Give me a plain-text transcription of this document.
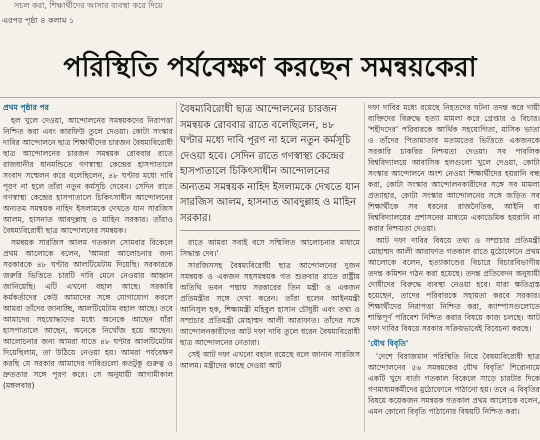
সচল করা, শিক্ষার্থীদের আসার ব্যবস্থা করে দিয়ে
এরপর পৃষ্ঠা ৪ কলাম ১
পরিস্থিতি পর্যবেক্ষণ করছেন সমন্বয়কেরা
প্রথম পৃষ্ঠার পর

হল খুলে দেওয়া, আন্দোলনের সমন্বয়কদের নিরাপত্তা নিশ্চিত করা এবং কারফিউ তুলে দেওয়া। কোটা সংস্কার দাবির আন্দোলনে ছাত্র শিক্ষার্থীদের চারজন বৈষম্যবিরোধী ছাত্র আন্দোলনের চারজন সমন্বয়ক রোববার রাতে রাজধানীর ধানমন্ডিতে গণস্বাস্থ্য কেন্দ্রের হাসপাতালে সংবাদ সম্মেলন করে বলেছিলেন, ৪৮ ঘণ্টার মধ্যে দাবি পূরণ না হলে তাঁরা নতুন কর্মসূচি দেবেন। সেদিন রাতে গণস্বাস্থ্য কেন্দ্রের হাসপাতালে চিকিৎসাধীন আন্দোলনের অন্যতম সমন্বয়ক নাহিদ ইসলামকে দেখতে যান সারজিস আলম, হাসনাত আবদুল্লাহ ও মাহিন সরকার। তাঁরাও বৈষম্যবিরোধী ছাত্র আন্দোলনের সমন্বয়ক।

সমন্বয়ক সারজিস আলম গতকাল সোমবার বিকেলে প্রথম আলোকে বলেন, 'আমরা আলোচনার জন্য সরকারকে ৪৮ ঘণ্টার আলটিমেটাম দিয়েছি। সরকারকে জরুরি ভিত্তিতে চারটি দাবি মেনে নেওয়ার আহ্বান জানিয়েছি। এটি এখনো বহাল আছে। সরকারি কর্মকর্তাদের কেউ আমাদের সঙ্গে যোগাযোগ করলে আমরা তাঁদের জানাচ্ছি, আলটিমেটাম বহাল আছে। তবে আমাদের সহযোদ্ধাদের মধ্যে অনেকে আছেন যাঁরা হাসপাতালে আছেন, অনেকে নিখোঁজ হয়ে আছেন। আলোচনার জন্য আমরা যাতে ৪৮ ঘণ্টার আলটিমেটাম দিয়েছিলাম, তা উঠিয়ে নেওয়া হয়। আমরা পর্যবেক্ষণ করছি যে সরকার আমাদের দাবিগুলো কতটুকু গুরুত্ব ও দ্রুততার সঙ্গে পূরণ করে। সে অনুযায়ী আগামীকাল (মঙ্গলবার)

বৈষম্যবিরোধী ছাত্র আন্দোলনের চারজন সমন্বয়ক রোববার রাতে বলেছিলেন, ৪৮ ঘণ্টার মধ্যে দাবি পূরণ না হলে নতুন কর্মসূচি দেওয়া হবে। সেদিন রাতে গণস্বাস্থ্য কেন্দ্রের হাসপাতালে চিকিৎসাধীন আন্দোলনের অন্যতম সমন্বয়ক নাহিদ ইসলামকে দেখতে যান সারজিস আলম, হাসনাত আবদুল্লাহ ও মাহিন সরকার।

রাতে আমরা সবাই বসে সম্মিলিত আলোচনার মাধ্যমে সিদ্ধান্ত দেব।'

সারজিসসহ বৈষম্যবিরোধী ছাত্র আন্দোলনের দুজন সমন্বয়ক ও একজন সহসমন্বয়ক গত শুক্রবার রাতে রাষ্ট্রীয় অতিথি ভবন পদ্মায় সরকারের তিন মন্ত্রী ও একজন প্রতিমন্ত্রীর সঙ্গে দেখা করেন। তাঁরা হলেন আইনমন্ত্রী আনিসুল হক, শিক্ষামন্ত্রী মহিবুল হাসান চৌধুরী এবং তথ্য ও সম্প্রচার প্রতিমন্ত্রী মোহাম্মদ আলী আরাফাত। তাঁদের সঙ্গে আন্দোলনকারীদের আট দফা দাবি তুলে ধরেন বৈষম্যবিরোধী ছাত্র আন্দোলনের নেতারা।

সেই আট দফা এখনো বহাল রয়েছে বলে জানান সারজিস আলম। মন্ত্রীদের কাছে দেওয়া আট

দফা দাবির মধ্যে রয়েছে নিহতদের ঘটনা তদন্ত করে দায়ী ব্যক্তিদের বিরুদ্ধে হত্যা মামলা করে গ্রেপ্তার ও বিচার। 'শহীদদের' পরিবারকে আর্থিক সহযোগিতা, মাসিক ভাতা ও তাঁদের পিতামাতার মতামতের ভিত্তিতে একজনকে সরকারি চাকরির নিশ্চয়তা দেওয়া। সব পাবলিক বিশ্ববিদ্যালয়ে আবাসিক হলগুলো খুলে দেওয়া, কোটা সংস্কার আন্দোলনে অংশ নেওয়া শিক্ষার্থীদের হয়রানি বন্ধ করা, কোটা সংস্কার আন্দোলনকারীদের সঙ্গে সব মামলা প্রত্যাহার, কোটা সংস্কার আন্দোলনের সঙ্গে জড়িত সব শিক্ষার্থীকে সব ধরনের রাজনৈতিক, আইনি বা বিশ্ববিদ্যালয়ের প্রশাসনের মাধ্যমে একাডেমিক হয়রানি না করার নিশ্চয়তা দেওয়া।

আট দফা দাবির বিষয়ে তথ্য ও সম্প্রচার প্রতিমন্ত্রী মোহাম্মদ আলী আরাফাত গতকাল রাতে মুঠোফোনে প্রথম আলোকে বলেন, হত্যাকাণ্ডের বিচারে বিচারবিভাগীয় তদন্ত কমিশন গঠন করা হয়েছে। তদন্ত প্রতিবেদন অনুযায়ী দোষীদের বিরুদ্ধে ব্যবস্থা নেওয়া হবে। যারা ক্ষতিগ্রস্ত হয়েছেন, তাদের পরিবারকে সহায়তা করবে সরকার। শিক্ষার্থীদের নিরাপত্তা নিশ্চিত করা, ক্যাম্পাসগুলোতে শান্তিপূর্ণ পরিবেশ নিশ্চিত করার বিষয়ে কাজ চলছে। আট দফা দাবির বিষয়ে সরকার সক্রিয়ভাবেই বিবেচনা করছে।

'যৌথ বিবৃতি'

'দেশে বিরাজমান পরিস্থিতি নিয়ে বৈষম্যবিরোধী ছাত্র আন্দোলনের ৫৬ সমন্বয়কের যৌথ বিবৃতি' শিরোনামে একটি খুদে বার্তা গতকাল বিকেলে সাড়ে চারটার দিকে গণমাধ্যমকর্মীদের মুঠোফোনে পাঠানো হয়। তবে এ বিবৃতির বিষয়ে কয়েকজন সমন্বয়ক গতকাল প্রথম আলোকে বলেন, এমন কোনো বিবৃতি পাঠানোর বিষয়টি নিশ্চিত করা।
